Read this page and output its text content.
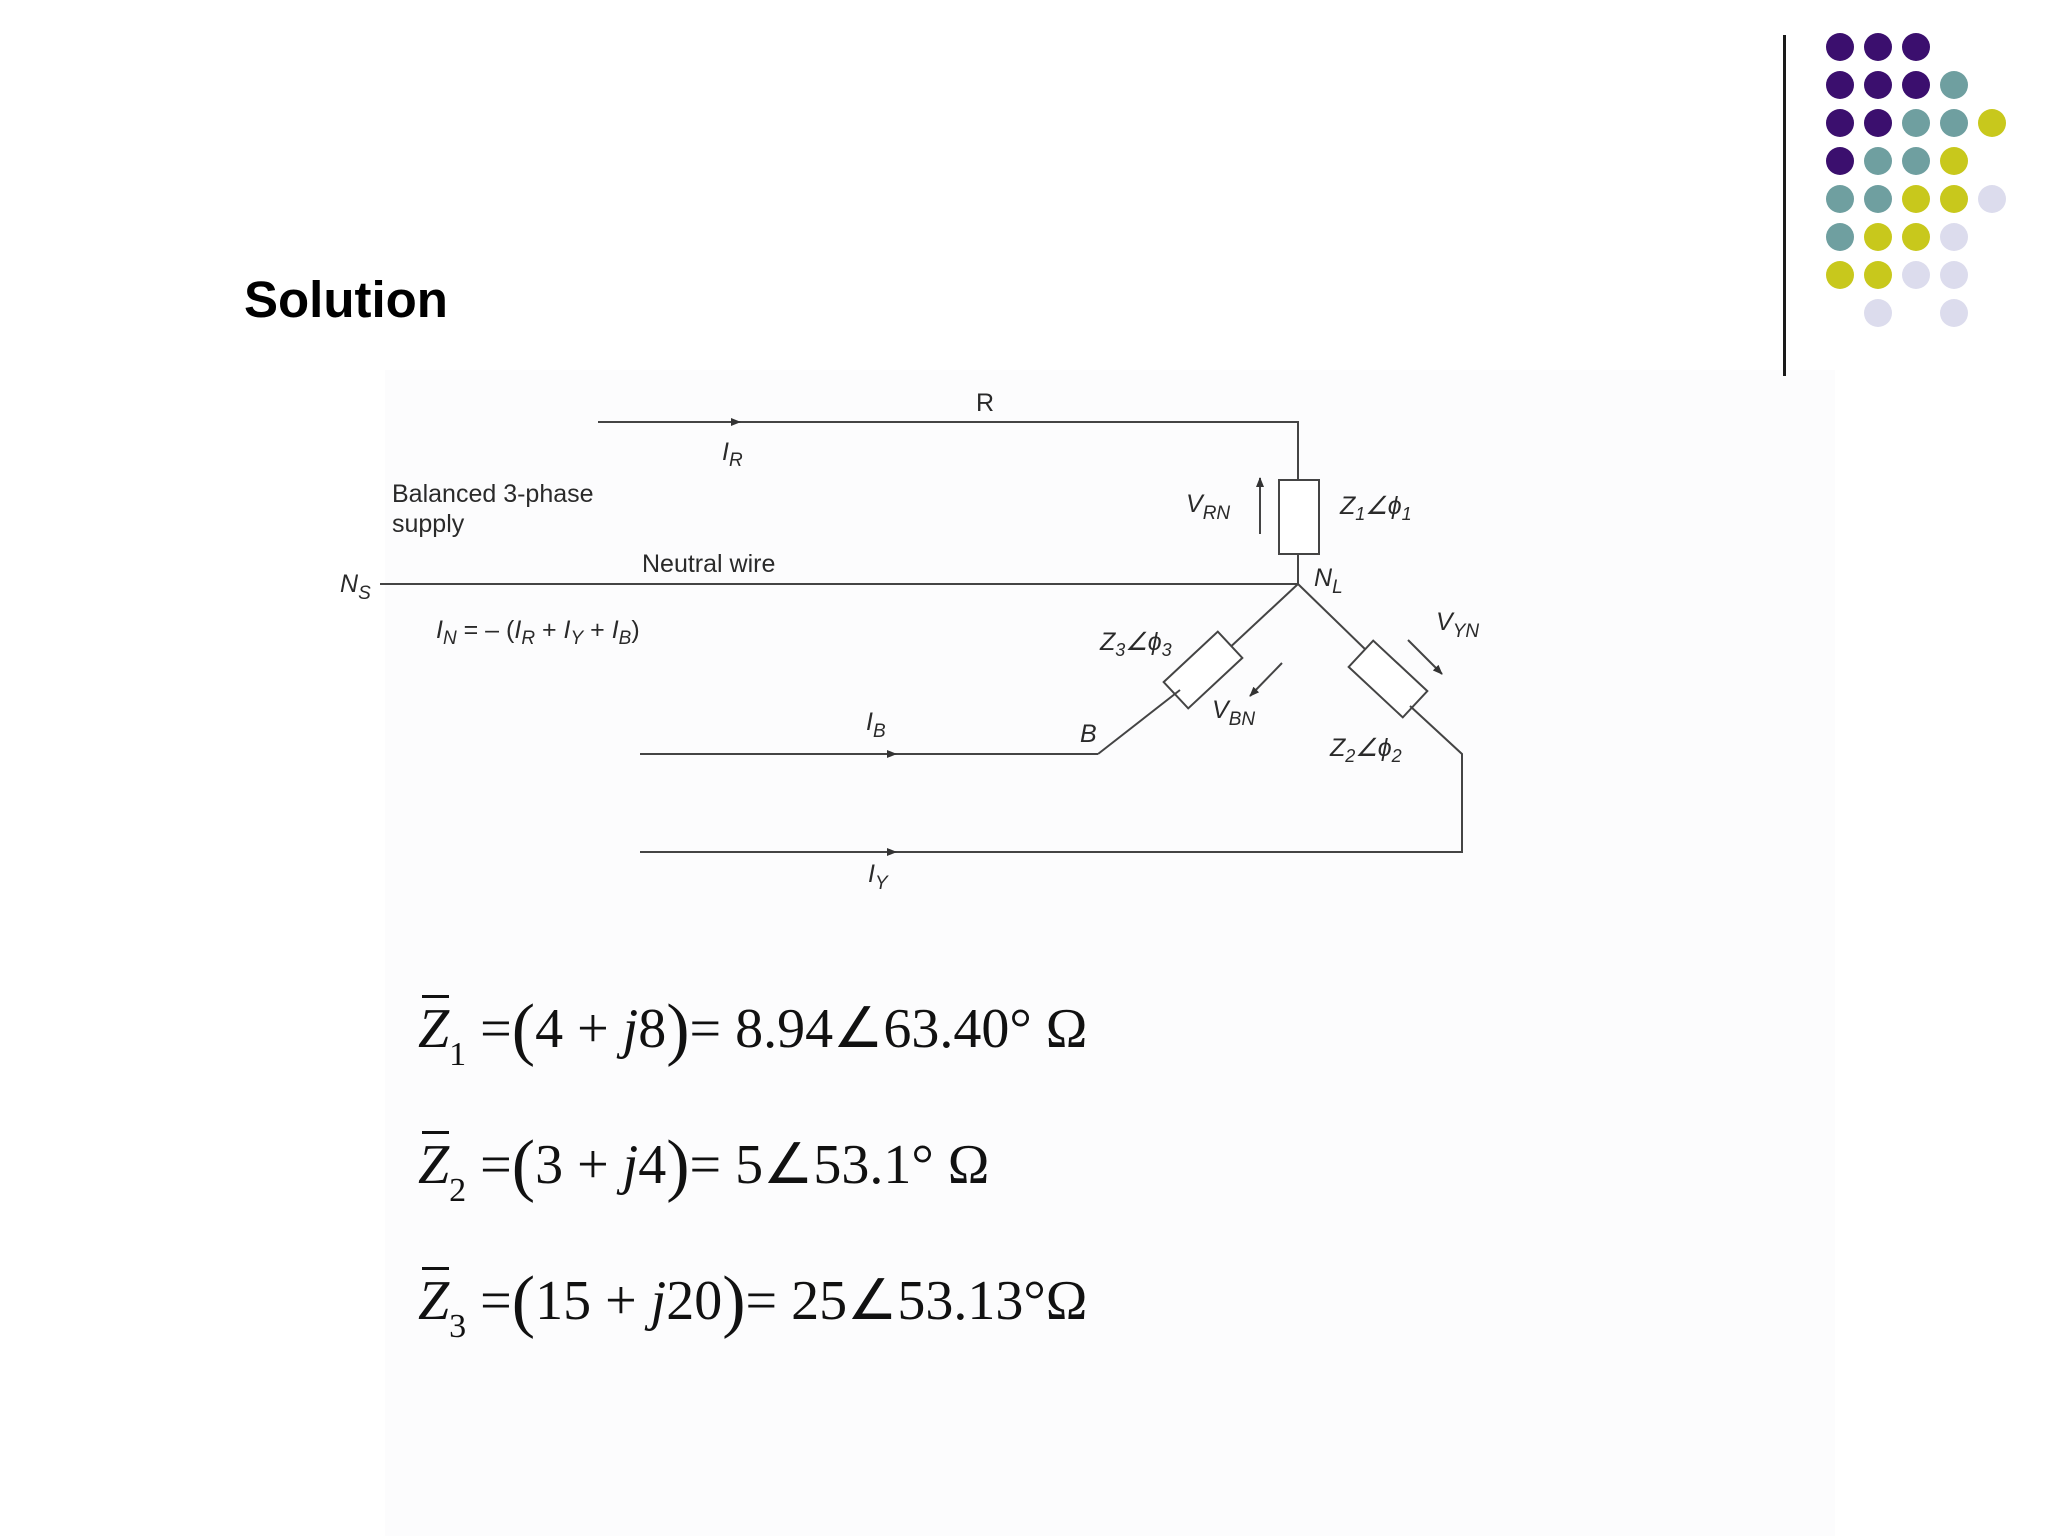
Solution
R
$I_R$
Balanced 3-phase
supply
Neutral wire
$N_S$
$N_L$
$I_N$ = – $(I_R + I_Y + I_B)$
$V_{RN}$	$Z_1\angle\phi_1$
$Z_3\angle\phi_3$
$V_{BN}$
$V_{YN}$
$Z_2\angle\phi_2$
B
$I_B$
$I_Y$
$Z_1 =(4 + j8)=$ 8.94∠63.40° Ω
$Z_2 =(3 + j4)=$ 5∠53.1° Ω
$Z_3 =(15 + j20)=$ 25∠53.13°Ω
